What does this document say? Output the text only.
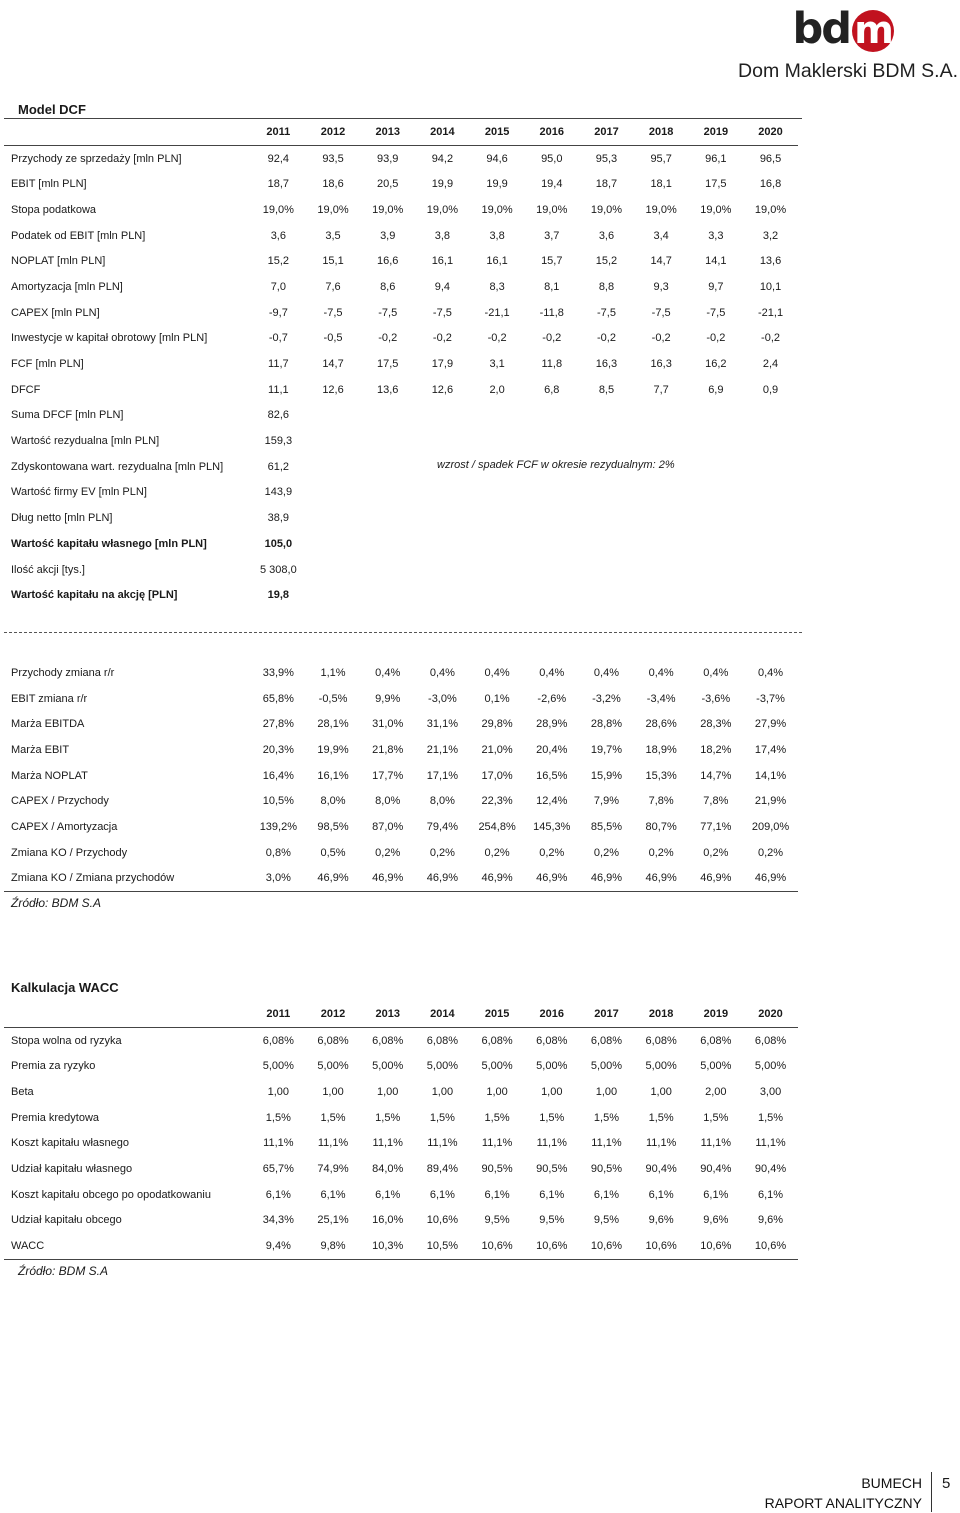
bd m
Dom Maklerski BDM S.A.
Model DCF
	2011	2012	2013	2014	2015	2016	2017	2018	2019	2020
Przychody ze sprzedaży [mln PLN]	92,4	93,5	93,9	94,2	94,6	95,0	95,3	95,7	96,1	96,5
EBIT [mln PLN]	18,7	18,6	20,5	19,9	19,9	19,4	18,7	18,1	17,5	16,8
Stopa podatkowa	19,0%	19,0%	19,0%	19,0%	19,0%	19,0%	19,0%	19,0%	19,0%	19,0%
Podatek od EBIT [mln PLN]	3,6	3,5	3,9	3,8	3,8	3,7	3,6	3,4	3,3	3,2
NOPLAT [mln PLN]	15,2	15,1	16,6	16,1	16,1	15,7	15,2	14,7	14,1	13,6
Amortyzacja [mln PLN]	7,0	7,6	8,6	9,4	8,3	8,1	8,8	9,3	9,7	10,1
CAPEX [mln PLN]	-9,7	-7,5	-7,5	-7,5	-21,1	-11,8	-7,5	-7,5	-7,5	-21,1
Inwestycje w kapitał obrotowy [mln PLN]	-0,7	-0,5	-0,2	-0,2	-0,2	-0,2	-0,2	-0,2	-0,2	-0,2
FCF [mln PLN]	11,7	14,7	17,5	17,9	3,1	11,8	16,3	16,3	16,2	2,4
DFCF	11,1	12,6	13,6	12,6	2,0	6,8	8,5	7,7	6,9	0,9
Suma DFCF [mln PLN]	82,6									
Wartość rezydualna [mln PLN]	159,3									
Zdyskontowana wart. rezydualna [mln PLN]	61,2									
Wartość firmy EV [mln PLN]	143,9									
Dług netto [mln PLN]	38,9									
Wartość kapitału własnego [mln PLN]	105,0									
Ilość akcji [tys.]	5 308,0									
Wartość kapitału na akcję [PLN]	19,8									
wzrost / spadek FCF w okresie rezydualnym: 2%
Przychody zmiana r/r	33,9%	1,1%	0,4%	0,4%	0,4%	0,4%	0,4%	0,4%	0,4%	0,4%
EBIT zmiana r/r	65,8%	-0,5%	9,9%	-3,0%	0,1%	-2,6%	-3,2%	-3,4%	-3,6%	-3,7%
Marża EBITDA	27,8%	28,1%	31,0%	31,1%	29,8%	28,9%	28,8%	28,6%	28,3%	27,9%
Marża EBIT	20,3%	19,9%	21,8%	21,1%	21,0%	20,4%	19,7%	18,9%	18,2%	17,4%
Marża NOPLAT	16,4%	16,1%	17,7%	17,1%	17,0%	16,5%	15,9%	15,3%	14,7%	14,1%
CAPEX / Przychody	10,5%	8,0%	8,0%	8,0%	22,3%	12,4%	7,9%	7,8%	7,8%	21,9%
CAPEX / Amortyzacja	139,2%	98,5%	87,0%	79,4%	254,8%	145,3%	85,5%	80,7%	77,1%	209,0%
Zmiana KO / Przychody	0,8%	0,5%	0,2%	0,2%	0,2%	0,2%	0,2%	0,2%	0,2%	0,2%
Zmiana KO / Zmiana przychodów	3,0%	46,9%	46,9%	46,9%	46,9%	46,9%	46,9%	46,9%	46,9%	46,9%
Źródło: BDM S.A
Kalkulacja WACC
	2011	2012	2013	2014	2015	2016	2017	2018	2019	2020
Stopa wolna od ryzyka	6,08%	6,08%	6,08%	6,08%	6,08%	6,08%	6,08%	6,08%	6,08%	6,08%
Premia za ryzyko	5,00%	5,00%	5,00%	5,00%	5,00%	5,00%	5,00%	5,00%	5,00%	5,00%
Beta	1,00	1,00	1,00	1,00	1,00	1,00	1,00	1,00	2,00	3,00
Premia kredytowa	1,5%	1,5%	1,5%	1,5%	1,5%	1,5%	1,5%	1,5%	1,5%	1,5%
Koszt kapitału własnego	11,1%	11,1%	11,1%	11,1%	11,1%	11,1%	11,1%	11,1%	11,1%	11,1%
Udział kapitału własnego	65,7%	74,9%	84,0%	89,4%	90,5%	90,5%	90,5%	90,4%	90,4%	90,4%
Koszt kapitału obcego po opodatkowaniu	6,1%	6,1%	6,1%	6,1%	6,1%	6,1%	6,1%	6,1%	6,1%	6,1%
Udział kapitału obcego	34,3%	25,1%	16,0%	10,6%	9,5%	9,5%	9,5%	9,6%	9,6%	9,6%
WACC	9,4%	9,8%	10,3%	10,5%	10,6%	10,6%	10,6%	10,6%	10,6%	10,6%
Źródło: BDM S.A
BUMECH
RAPORT ANALITYCZNY
5
